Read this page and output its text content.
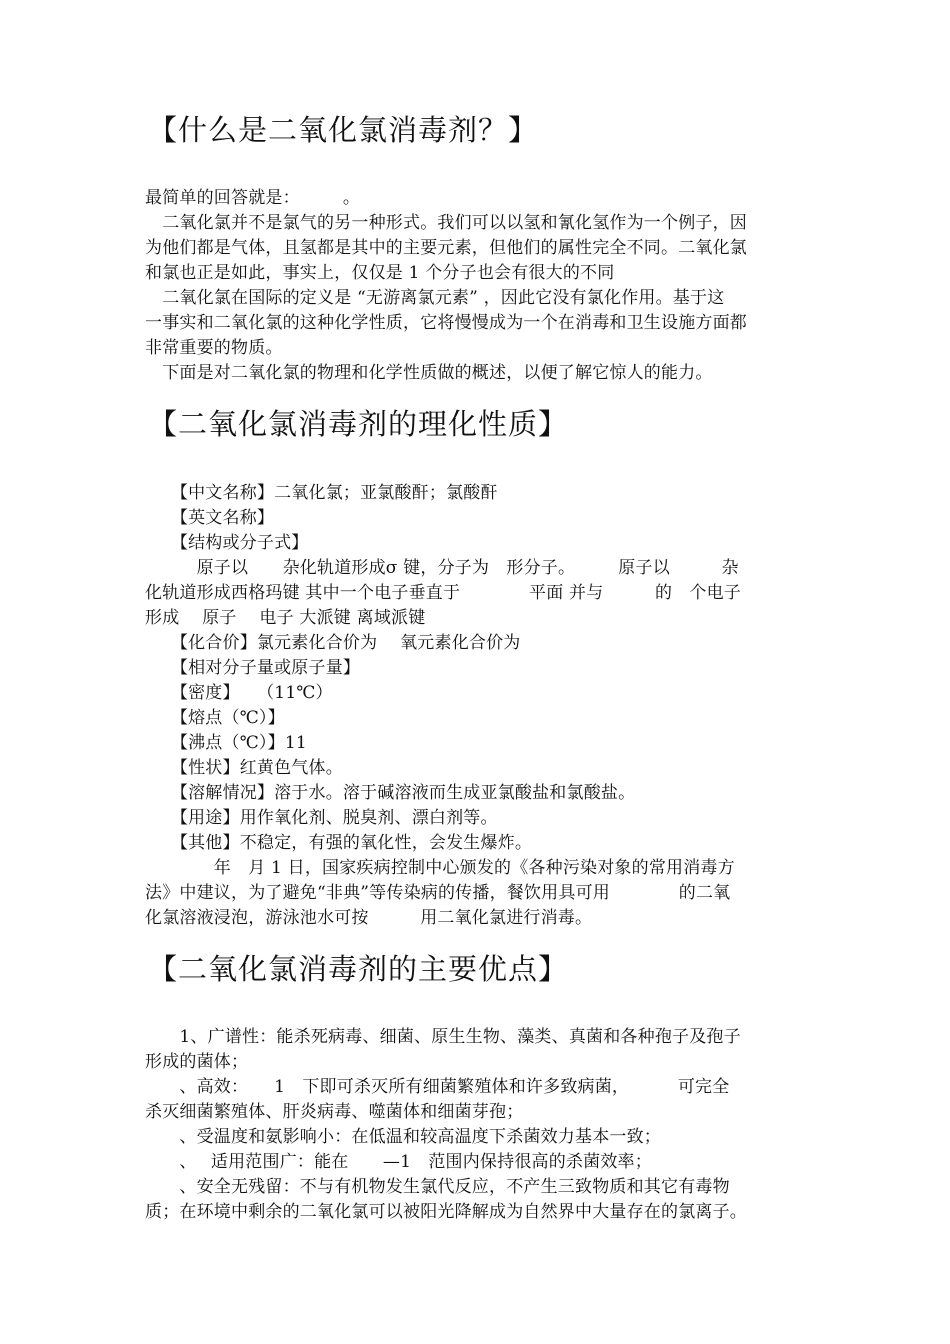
【什么是二氧化氯消毒剂？】
最简单的回答就是：　　　。
　二氧化氯并不是氯气的另一种形式。我们可以以氢和氰化氢作为一个例子，因
为他们都是气体，且氢都是其中的主要元素，但他们的属性完全不同。二氧化氯
和氯也正是如此，事实上，仅仅是 1 个分子也会有很大的不同
　二氧化氯在国际的定义是 “无游离氯元素” ，因此它没有氯化作用。基于这
一事实和二氧化氯的这种化学性质，它将慢慢成为一个在消毒和卫生设施方面都
非常重要的物质。
　下面是对二氧化氯的物理和化学性质做的概述，以便了解它惊人的能力。
【二氧化氯消毒剂的理化性质】
　　【中文名称】二氧化氯；亚氯酸酐；氯酸酐
　　【英文名称】
　　【结构或分子式】
　　　原子以　　杂化轨道形成σ 键，分子为　形分子。　　　原子以　　　杂
化轨道形成西格玛键 其中一个电子垂直于　　　　平面 并与　　　的　个电子
形成　 原子　 电子 大派键 离域派键
　　【化合价】氯元素化合价为　 氧元素化合价为
　　【相对分子量或原子量】
　　【密度】　　（11℃）
　　【熔点（℃）】
　　【沸点（℃）】11
　　【性状】红黄色气体。
　　【溶解情况】溶于水。溶于碱溶液而生成亚氯酸盐和氯酸盐。
　　【用途】用作氧化剂、脱臭剂、漂白剂等。
　　【其他】不稳定，有强的氧化性，会发生爆炸。
　　　　年　月 1 日，国家疾病控制中心颁发的《各种污染对象的常用消毒方
法》中建议，为了避免“非典”等传染病的传播，餐饮用具可用　　　　的二氧
化氯溶液浸泡，游泳池水可按　　　用二氧化氯进行消毒。
【二氧化氯消毒剂的主要优点】
　　1、广谱性：能杀死病毒、细菌、原生生物、藻类、真菌和各种孢子及孢子
形成的菌体；
　　、高效：　　1　下即可杀灭所有细菌繁殖体和许多致病菌，　　　 可完全
杀灭细菌繁殖体、肝炎病毒、噬菌体和细菌芽孢；
　　、受温度和氨影响小：在低温和较高温度下杀菌效力基本一致；
　　、　 适用范围广：能在　　—1　范围内保持很高的杀菌效率；
　　、安全无残留：不与有机物发生氯代反应，不产生三致物质和其它有毒物
质；在环境中剩余的二氧化氯可以被阳光降解成为自然界中大量存在的氯离子。
